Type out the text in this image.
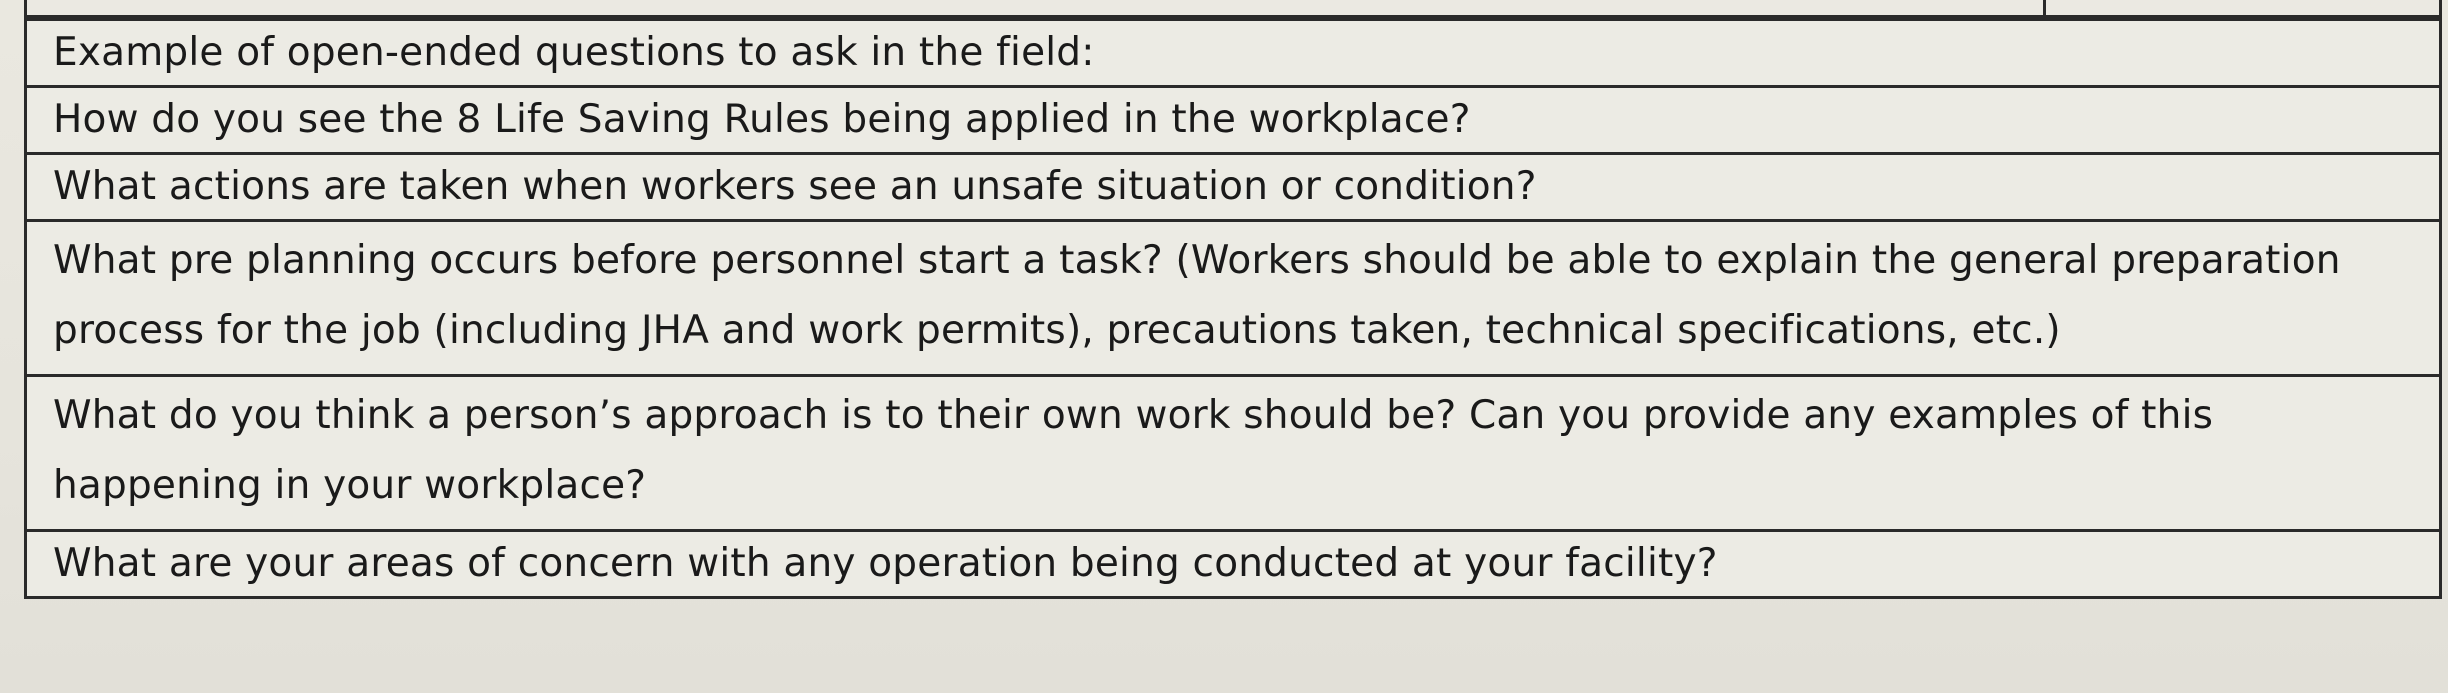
Example of open-ended questions to ask in the field:
How do you see the 8 Life Saving Rules being applied in the workplace?
What actions are taken when workers see an unsafe situation or condition?
What pre planning occurs before personnel start a task? (Workers should be able to explain the general preparation process for the job (including JHA and work permits), precautions taken, technical specifications, etc.)
What do you think a person’s approach is to their own work should be? Can you provide any examples of this happening in your workplace?
What are your areas of concern with any operation being conducted at your facility?
